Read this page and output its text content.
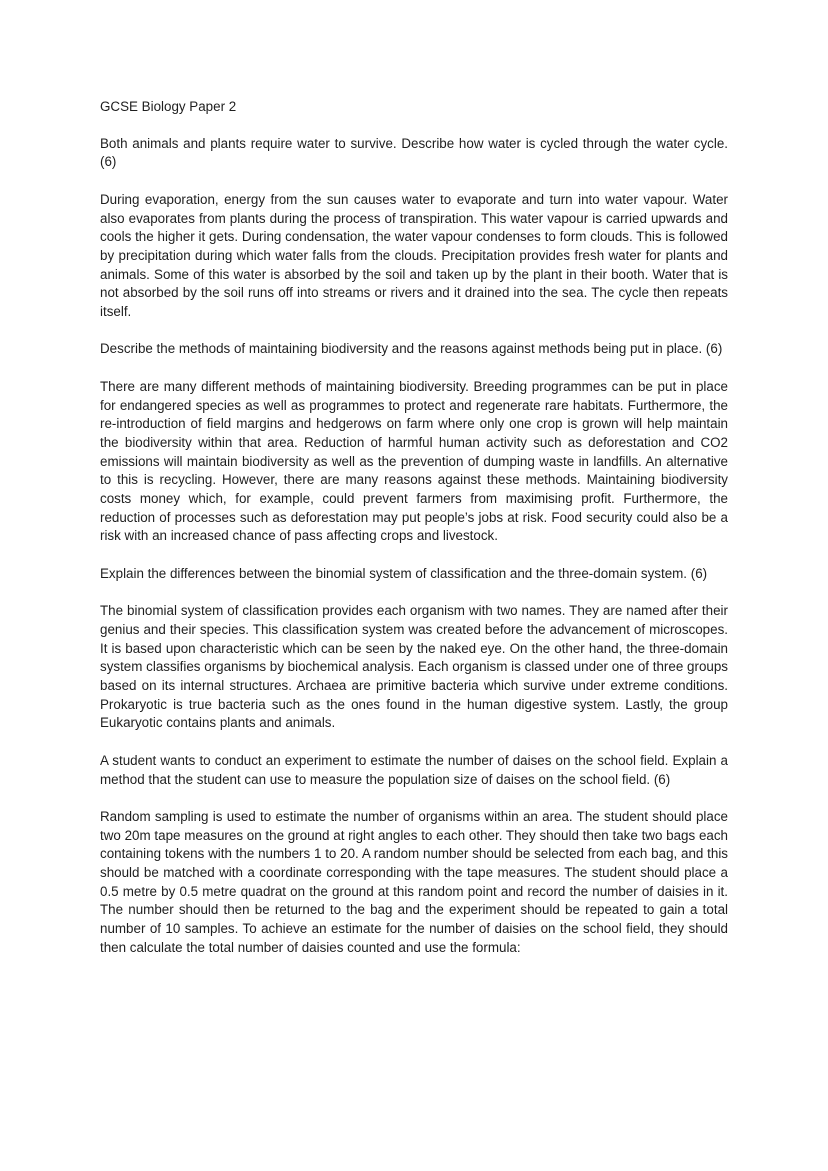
GCSE Biology Paper 2

Both animals and plants require water to survive. Describe how water is cycled through the water cycle. (6)

During evaporation, energy from the sun causes water to evaporate and turn into water vapour. Water also evaporates from plants during the process of transpiration. This water vapour is carried upwards and cools the higher it gets. During condensation, the water vapour condenses to form clouds. This is followed by precipitation during which water falls from the clouds. Precipitation provides fresh water for plants and animals. Some of this water is absorbed by the soil and taken up by the plant in their booth. Water that is not absorbed by the soil runs off into streams or rivers and it drained into the sea. The cycle then repeats itself.

Describe the methods of maintaining biodiversity and the reasons against methods being put in place. (6)

There are many different methods of maintaining biodiversity. Breeding programmes can be put in place for endangered species as well as programmes to protect and regenerate rare habitats. Furthermore, the re-introduction of field margins and hedgerows on farm where only one crop is grown will help maintain the biodiversity within that area. Reduction of harmful human activity such as deforestation and CO2 emissions will maintain biodiversity as well as the prevention of dumping waste in landfills. An alternative to this is recycling. However, there are many reasons against these methods. Maintaining biodiversity costs money which, for example, could prevent farmers from maximising profit. Furthermore, the reduction of processes such as deforestation may put people’s jobs at risk. Food security could also be a risk with an increased chance of pass affecting crops and livestock.

Explain the differences between the binomial system of classification and the three-domain system. (6)

The binomial system of classification provides each organism with two names. They are named after their genius and their species. This classification system was created before the advancement of microscopes. It is based upon characteristic which can be seen by the naked eye. On the other hand, the three-domain system classifies organisms by biochemical analysis. Each organism is classed under one of three groups based on its internal structures. Archaea are primitive bacteria which survive under extreme conditions. Prokaryotic is true bacteria such as the ones found in the human digestive system. Lastly, the group Eukaryotic contains plants and animals.

A student wants to conduct an experiment to estimate the number of daises on the school field. Explain a method that the student can use to measure the population size of daises on the school field. (6)

Random sampling is used to estimate the number of organisms within an area. The student should place two 20m tape measures on the ground at right angles to each other. They should then take two bags each containing tokens with the numbers 1 to 20. A random number should be selected from each bag, and this should be matched with a coordinate corresponding with the tape measures. The student should place a 0.5 metre by 0.5 metre quadrat on the ground at this random point and record the number of daisies in it. The number should then be returned to the bag and the experiment should be repeated to gain a total number of 10 samples. To achieve an estimate for the number of daisies on the school field, they should then calculate the total number of daisies counted and use the formula:
